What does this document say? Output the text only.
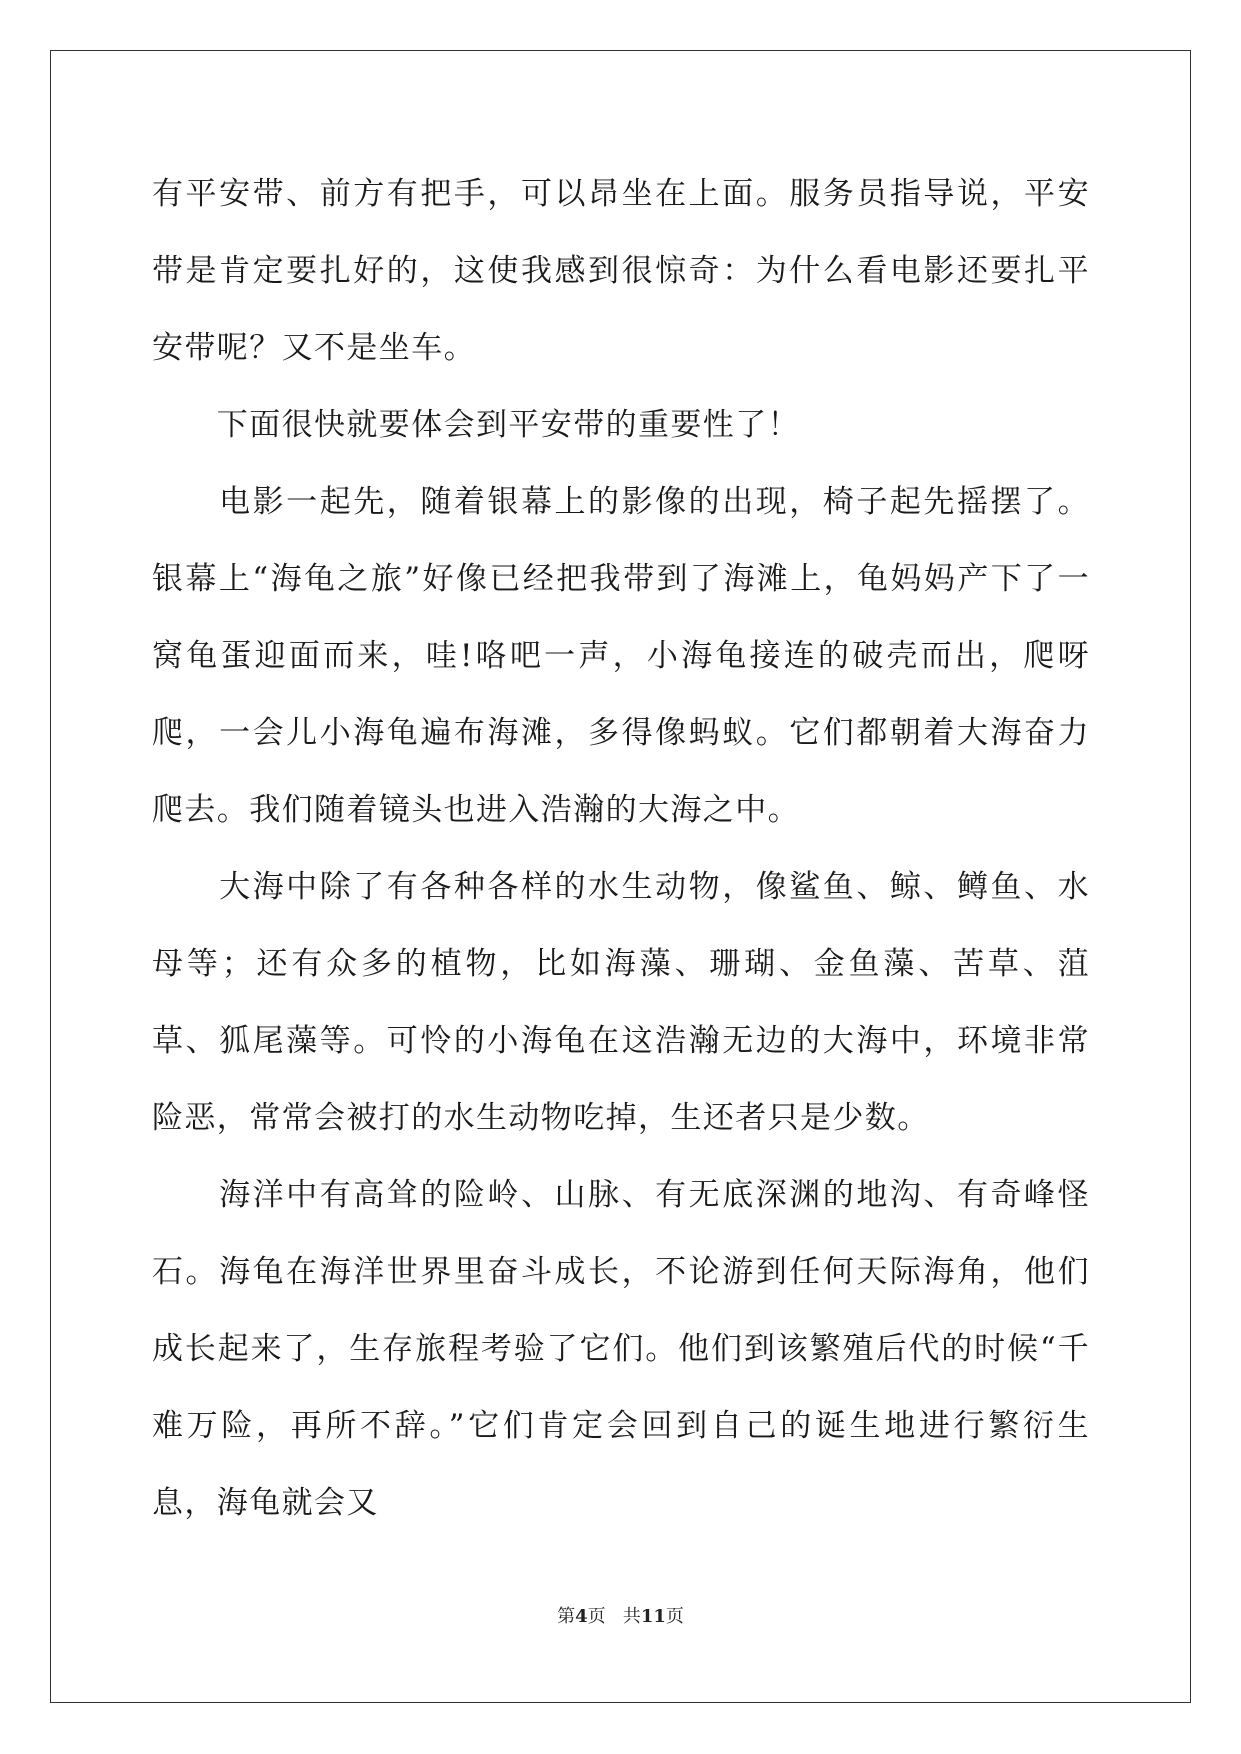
有平安带、前方有把手，可以昂坐在上面。服务员指导说，平安带是肯定要扎好的，这使我感到很惊奇：为什么看电影还要扎平安带呢？又不是坐车。

　　下面很快就要体会到平安带的重要性了！

　　电影一起先，随着银幕上的影像的出现，椅子起先摇摆了。银幕上“海龟之旅”好像已经把我带到了海滩上，龟妈妈产下了一窝龟蛋迎面而来，哇!咯吧一声，小海龟接连的破壳而出，爬呀爬，一会儿小海龟遍布海滩，多得像蚂蚁。它们都朝着大海奋力爬去。我们随着镜头也进入浩瀚的大海之中。

　　大海中除了有各种各样的水生动物，像鲨鱼、鲸、鳟鱼、水母等；还有众多的植物，比如海藻、珊瑚、金鱼藻、苦草、菹草、狐尾藻等。可怜的小海龟在这浩瀚无边的大海中，环境非常险恶，常常会被打的水生动物吃掉，生还者只是少数。

　　海洋中有高耸的险岭、山脉、有无底深渊的地沟、有奇峰怪石。海龟在海洋世界里奋斗成长，不论游到任何天际海角，他们成长起来了，生存旅程考验了它们。他们到该繁殖后代的时候“千难万险，再所不辞。”它们肯定会回到自己的诞生地进行繁衍生息，海龟就会又

第4页 共11页
